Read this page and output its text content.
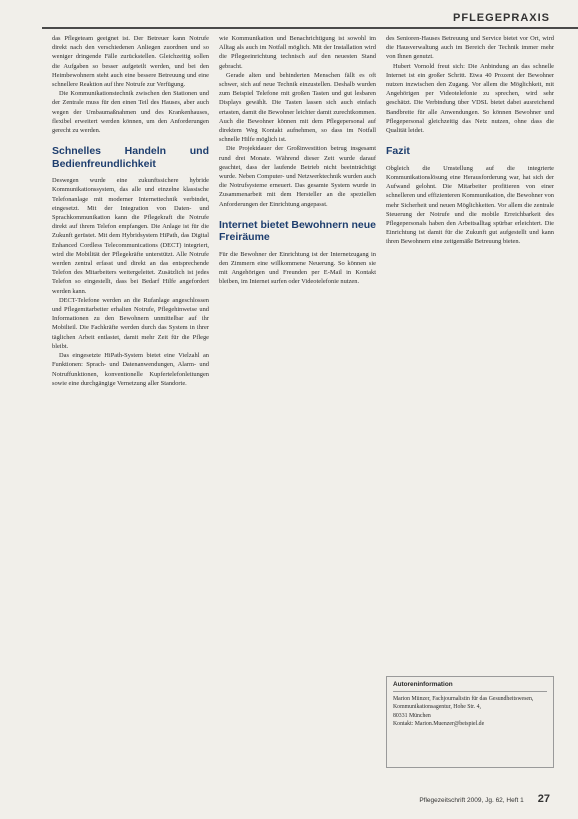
PFLEGEPRAXIS

das Pflegeteam geeignet ist. Der Betreuer kann Notrufe direkt nach den verschiedenen Anliegen zuordnen und so weniger dringende Fälle zurückstellen. Gleichzeitig sollen die Aufgaben so besser aufgeteilt werden, und bei den Heimbewohnern steht auch eine bessere Betreuung und eine schnellere Reaktion auf ihre Notrufe zur Verfügung.

Die Kommunikationstechnik zwischen den Stationen und der Zentrale muss für den einen Teil des Hauses, aber auch wegen der Umbaumaßnahmen und des Krankenhauses, flexibel erweitert werden können, um den Anforderungen gerecht zu werden.

Schnelles Handeln und Bedienfreundlichkeit

Deswegen wurde eine zukunftssichere hybride Kommunikationssystem, das alle und einzelne klassische Telefonanlage mit moderner Internettechnik verbindet, eingesetzt. Mit der Integration von Daten- und Sprachkommunikation kann die Pflegekraft die Notrufe direkt auf ihrem Telefon empfangen. Die Anlage ist für die Zukunft gerüstet. Mit dem Hybridsystem HiPath, das Digital Enhanced Cordless Telecommunications (DECT) integriert, wird die Mobilität der Pflegekräfte unterstützt. Alle Notrufe werden zentral erfasst und direkt an das entsprechende Telefon des Mitarbeiters weitergeleitet. Zusätzlich ist jedes Telefon so eingestellt, dass bei Bedarf Hilfe angefordert werden kann.

DECT-Telefone werden an die Rufanlage angeschlossen und Pflegemitarbeiter erhalten Notrufe, Pflegehinweise und Informationen zu den Bewohnern unmittelbar auf ihr Mobilteil. Die Fachkräfte werden durch das System in ihrer täglichen Arbeit entlastet, damit mehr Zeit für die Pflege bleibt.

Das eingesetzte HiPath-System bietet eine Vielzahl an Funktionen: Sprach- und Datenanwendungen, Alarm- und Notruffunktionen, konventionelle Kupfertelefonleitungen sowie eine durchgängige Vernetzung aller Standorte.

wie Kommunikation und Benachrichtigung ist sowohl im Alltag als auch im Notfall möglich. Mit der Installation wird die Pflegeeinrichtung technisch auf den neuesten Stand gebracht.

Gerade alten und behinderten Menschen fällt es oft schwer, sich auf neue Technik einzustellen. Deshalb wurden zum Beispiel Telefone mit großen Tasten und gut lesbaren Displays gewählt. Die Tasten lassen sich auch einfach ertasten, damit die Bewohner leichter damit zurechtkommen. Auch die Bewohner können mit dem Pflegepersonal auf direktem Weg Kontakt aufnehmen, so dass im Notfall schnelle Hilfe möglich ist.

Die Projektdauer der Großinvestition betrug insgesamt rund drei Monate. Während dieser Zeit wurde darauf geachtet, dass der laufende Betrieb nicht beeinträchtigt wurde. Neben Computer- und Netzwerktechnik wurden auch die Notrufsysteme erneuert. Das gesamte System wurde in Zusammenarbeit mit dem Hersteller an die speziellen Anforderungen der Einrichtung angepasst.

Internet bietet Bewohnern neue Freiräume

Für die Bewohner der Einrichtung ist der Internetzugang in den Zimmern eine willkommene Neuerung. So können sie mit Angehörigen und Freunden per E-Mail in Kontakt bleiben, im Internet surfen oder Videotelefonie nutzen.

des Senioren-Hauses Betreuung und Service bietet vor Ort, wird die Hausverwaltung auch im Bereich der Technik immer mehr von Ihnen genutzt.

Hubert Vornold freut sich: Die Anbindung an das schnelle Internet ist ein großer Schritt. Etwa 40 Prozent der Bewohner nutzen inzwischen den Zugang. Vor allem die Möglichkeit, mit Angehörigen per Videotelefonie zu sprechen, wird sehr geschätzt. Die Verbindung über VDSL bietet dabei ausreichend Bandbreite für alle Anwendungen. So können Bewohner und Pflegepersonal gleichzeitig das Netz nutzen, ohne dass die Qualität leidet.

Fazit

Obgleich die Umstellung auf die integrierte Kommunikationslösung eine Herausforderung war, hat sich der Aufwand gelohnt. Die Mitarbeiter profitieren von einer schnelleren und effizienteren Kommunikation, die Bewohner von mehr Sicherheit und neuen Möglichkeiten. Vor allem die zentrale Steuerung der Notrufe und die mobile Erreichbarkeit des Pflegepersonals haben den Arbeitsalltag spürbar erleichtert. Die Einrichtung ist damit für die Zukunft gut aufgestellt und kann ihren Bewohnern eine zeitgemäße Betreuung bieten.

Autoreninformation
Marion Münzer, Fachjournalistin für das Gesundheitswesen,
Kommunikationsagentur, Hohe Str. 4,
80331 München
Kontakt: Marion.Muenzer@beispiel.de
Pflegezeitschrift 2009, Jg. 62, Heft 1 27
